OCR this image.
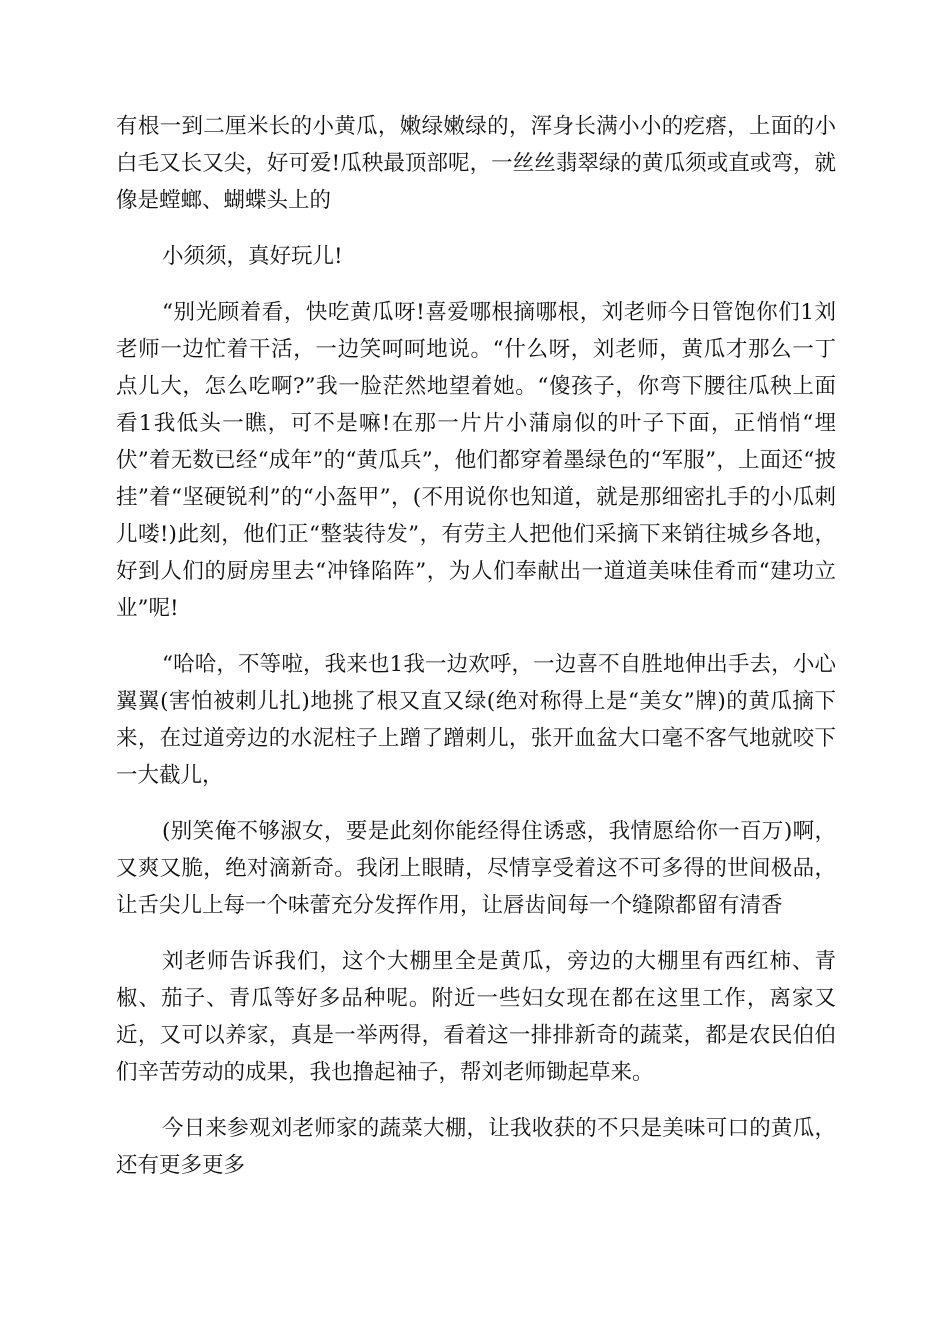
有根一到二厘米长的小黄瓜，嫩绿嫩绿的，浑身长满小小的疙瘩，上面的小白毛又长又尖，好可爱!瓜秧最顶部呢，一丝丝翡翠绿的黄瓜须或直或弯，就像是螳螂、蝴蝶头上的

小须须，真好玩儿!

“别光顾着看，快吃黄瓜呀!喜爱哪根摘哪根，刘老师今日管饱你们1刘老师一边忙着干活，一边笑呵呵地说。“什么呀，刘老师，黄瓜才那么一丁点儿大，怎么吃啊?”我一脸茫然地望着她。“傻孩子，你弯下腰往瓜秧上面看1我低头一瞧，可不是嘛!在那一片片小蒲扇似的叶子下面，正悄悄“埋伏”着无数已经“成年”的“黄瓜兵”，他们都穿着墨绿色的“军服”，上面还“披挂”着“坚硬锐利”的“小盔甲”，(不用说你也知道，就是那细密扎手的小瓜刺儿喽!)此刻，他们正“整装待发”，有劳主人把他们采摘下来销往城乡各地，好到人们的厨房里去“冲锋陷阵”，为人们奉献出一道道美味佳肴而“建功立业”呢!

“哈哈，不等啦，我来也1我一边欢呼，一边喜不自胜地伸出手去，小心翼翼(害怕被刺儿扎)地挑了根又直又绿(绝对称得上是“美女”牌)的黄瓜摘下来，在过道旁边的水泥柱子上蹭了蹭刺儿，张开血盆大口毫不客气地就咬下一大截儿，

(别笑俺不够淑女，要是此刻你能经得住诱惑，我情愿给你一百万)啊，又爽又脆，绝对滴新奇。我闭上眼睛，尽情享受着这不可多得的世间极品，让舌尖儿上每一个味蕾充分发挥作用，让唇齿间每一个缝隙都留有清香

刘老师告诉我们，这个大棚里全是黄瓜，旁边的大棚里有西红柿、青椒、茄子、青瓜等好多品种呢。附近一些妇女现在都在这里工作，离家又近，又可以养家，真是一举两得，看着这一排排新奇的蔬菜，都是农民伯伯们辛苦劳动的成果，我也撸起袖子，帮刘老师锄起草来。

今日来参观刘老师家的蔬菜大棚，让我收获的不只是美味可口的黄瓜，还有更多更多
